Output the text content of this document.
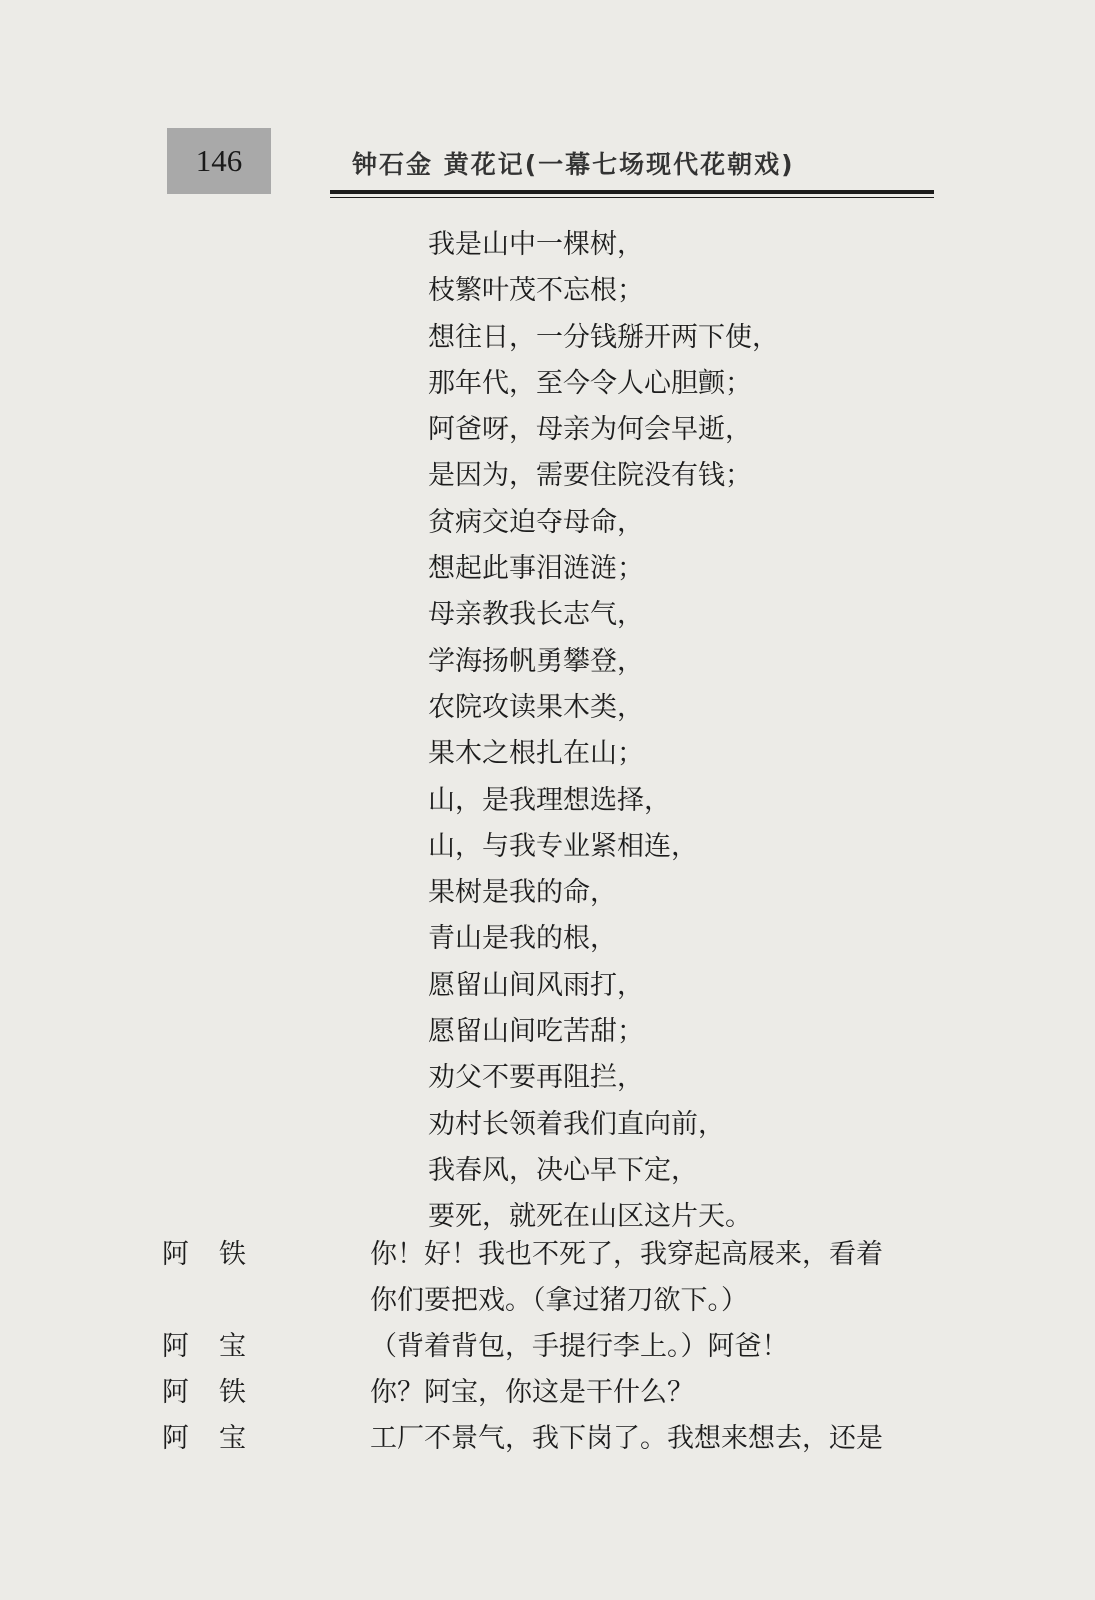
146	钟石金 黄花记(一幕七场现代花朝戏)
我是山中一棵树，
枝繁叶茂不忘根；
想往日，一分钱掰开两下使，
那年代，至今令人心胆颤；
阿爸呀，母亲为何会早逝，
是因为，需要住院没有钱；
贫病交迫夺母命，
想起此事泪涟涟；
母亲教我长志气，
学海扬帆勇攀登，
农院攻读果木类，
果木之根扎在山；
山，是我理想选择，
山，与我专业紧相连，
果树是我的命，
青山是我的根，
愿留山间风雨打，
愿留山间吃苦甜；
劝父不要再阻拦，
劝村长领着我们直向前，
我春风，决心早下定，
要死，就死在山区这片天。
阿铁	你！好！我也不死了，我穿起高屐来，看着
你们要把戏。（拿过猪刀欲下。）
阿宝	（背着背包，手提行李上。）阿爸！
阿铁	你？阿宝，你这是干什么？
阿宝	工厂不景气，我下岗了。我想来想去，还是
